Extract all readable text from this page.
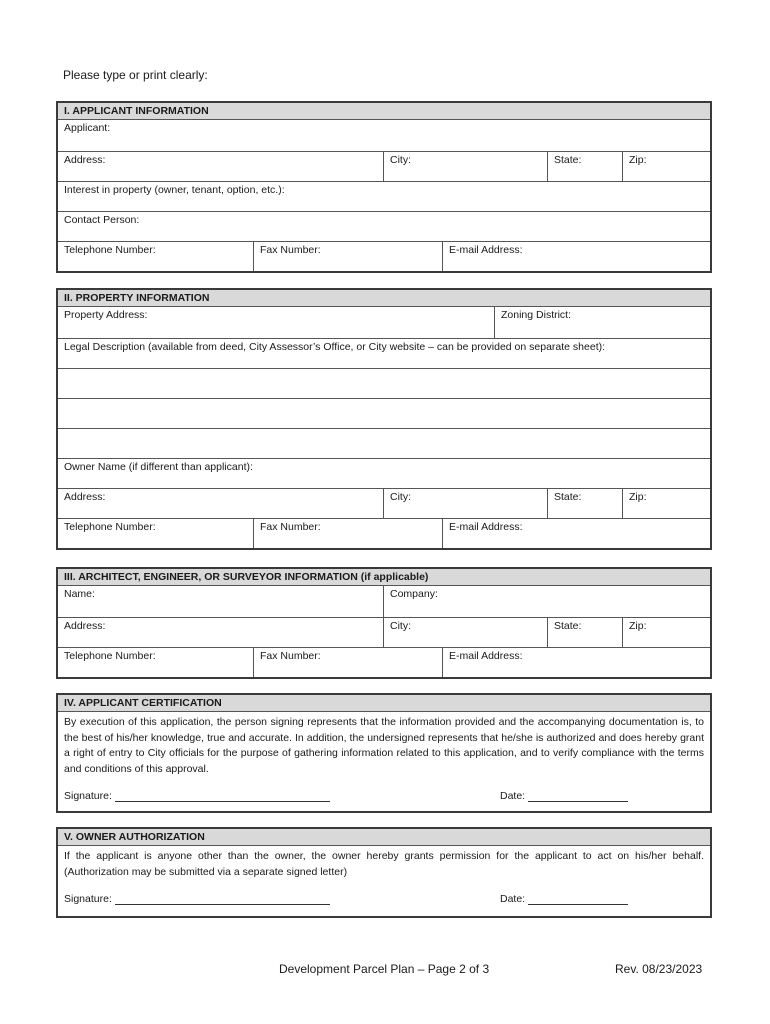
Please type or print clearly:
I. APPLICANT INFORMATION
Applicant:
Address:	City:	State:	Zip:
Interest in property (owner, tenant, option, etc.):
Contact Person:
Telephone Number:	Fax Number:	E-mail Address:
II. PROPERTY INFORMATION
Property Address:	Zoning District:
Legal Description (available from deed, City Assessor’s Office, or City website – can be provided on separate sheet):
Owner Name (if different than applicant):
Address:	City:	State:	Zip:
Telephone Number:	Fax Number:	E-mail Address:
III. ARCHITECT, ENGINEER, OR SURVEYOR INFORMATION (if applicable)
Name:	Company:
Address:	City:	State:	Zip:
Telephone Number:	Fax Number:	E-mail Address:
IV. APPLICANT CERTIFICATION
By execution of this application, the person signing represents that the information provided and the accompanying documentation is, to the best of his/her knowledge, true and accurate. In addition, the undersigned represents that he/she is authorized and does hereby grant a right of entry to City officials for the purpose of gathering information related to this application, and to verify compliance with the terms and conditions of this approval.
Signature:	Date:
V. OWNER AUTHORIZATION
If the applicant is anyone other than the owner, the owner hereby grants permission for the applicant to act on his/her behalf. (Authorization may be submitted via a separate signed letter)
Signature:	Date:
Development Parcel Plan – Page 2 of 3	Rev. 08/23/2023
